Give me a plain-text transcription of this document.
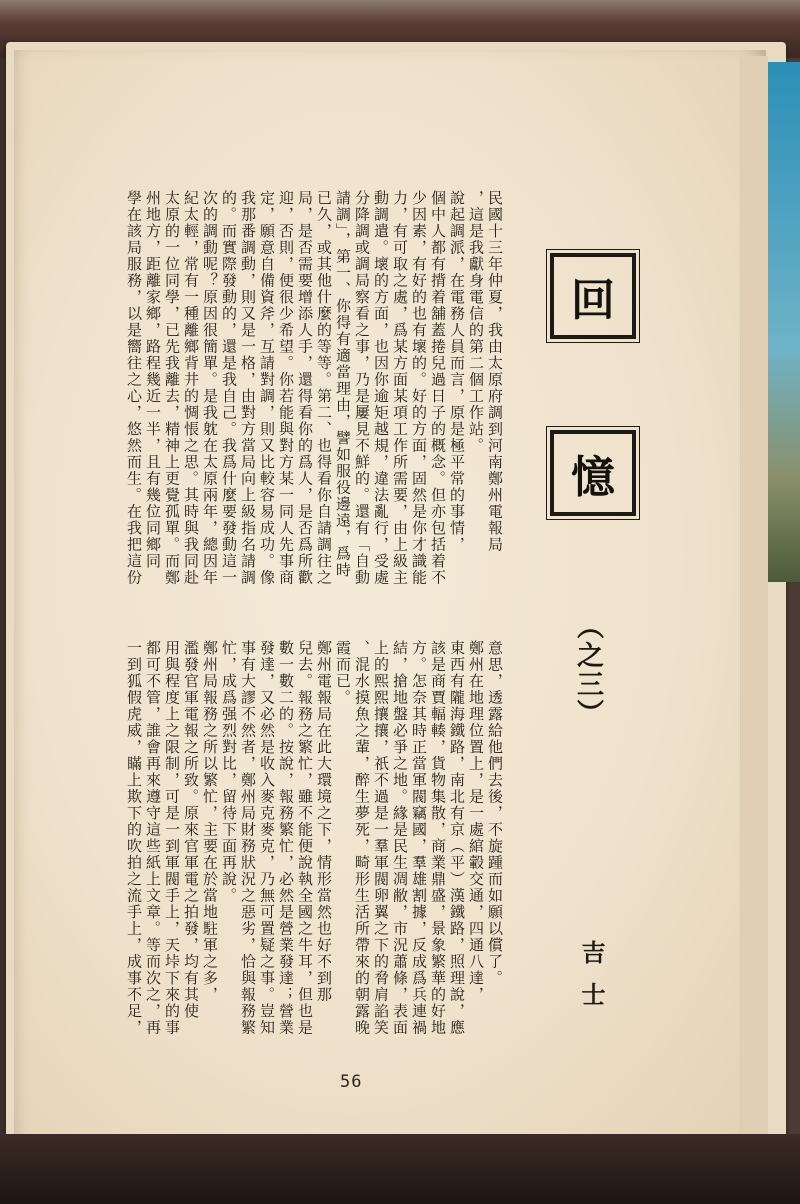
民國十三年仲夏，我由太原府調到河南鄭州電報局
，這是我獻身電信的第二個工作站。
說起調派，在電務人員而言，原是極平常的事情，
個中人都有揹着舖蓋捲兒過日子的概念。但亦包括着不
少因素，有好的也有壞的。好的方面，固然是你才識能
力，有可取之處，爲某方面某項工作所需要，由上級主
動調遣。壞的方面，也因你逾矩越規，違法亂行，受處
分降調或調局察看之事，乃是屢見不鮮的。還有「自動
請調」，第一、你得有適當理由，譬如服役邊遠，爲時
已久，或其他什麼的等等。第二、也得看你自請調往之
局，是否需要增添人手，還得看你的爲人，是否爲所歡
迎，否則，便很少希望。你若能與對方某一同人先事商
定，願意自備資斧，互請對調，則又比較容易成功。像
我那番調動，則又是一格，由對方當局向上級指名請調
的。而實際發動的，還是我自己。我爲什麼要發動這一
次的調動呢？原因很簡單。是我躭在太原兩年，總因年
紀太輕，常有一種離鄉背井的惆悵之思。其時與我同赴
太原的一位同學，已先我離去，精神上更覺孤單。而鄭
州地方，距離家鄉，路程幾近一半，且有幾位同鄉同
學在該局服務，以是嚮往之心，悠然而生。在我把這份
意思，透露給他們去後，不旋踵而如願以償了。
鄭州在地理位置上，是一處綰轂交通，四通八達，
東西有隴海鐵路，南北有京（平）漢鐵路，照理說，應
該是商賈輻輳，貨物集散，商業鼎盛，景象繁華的好地
方。怎奈其時正當軍閥竊國，羣雄割據，反成爲兵連禍
結，搶地盤必爭之地。緣是民生凋敝，市況蕭條，表面
上的熙熙攘攘，祇不過是一羣軍閥卵翼之下的脅肩諂笑
、混水摸魚之輩，醉生夢死，畸形生活所帶來的朝露晚
霞而已。
鄭州電報局在此大環境之下，情形當然也好不到那
兒去。報務之繁忙，雖不能便說執全國之牛耳，但也是
數一數二的。按說，報務繁忙，必然是營業發達；營業
發達，又必然是收入麥克麥克，乃無可置疑之事。豈知
事有大謬不然者，鄭州局財務狀況之惡劣，恰與報務繁
忙，成爲强烈對比，留待下面再說。
鄭州局報務之所以繁忙，主要在於當地駐軍之多，
濫發官軍電報之所致。原來官軍電之拍發，均有其使
用與程度上之限制，可是一到軍閥手上，天垰下來的事
都可不管，誰會再來遵守這些紙上文章。等而次之，再
一到狐假虎威，瞞上欺下的吹拍之流手上，成事不足，
回
憶
（之三）
吉士
56
